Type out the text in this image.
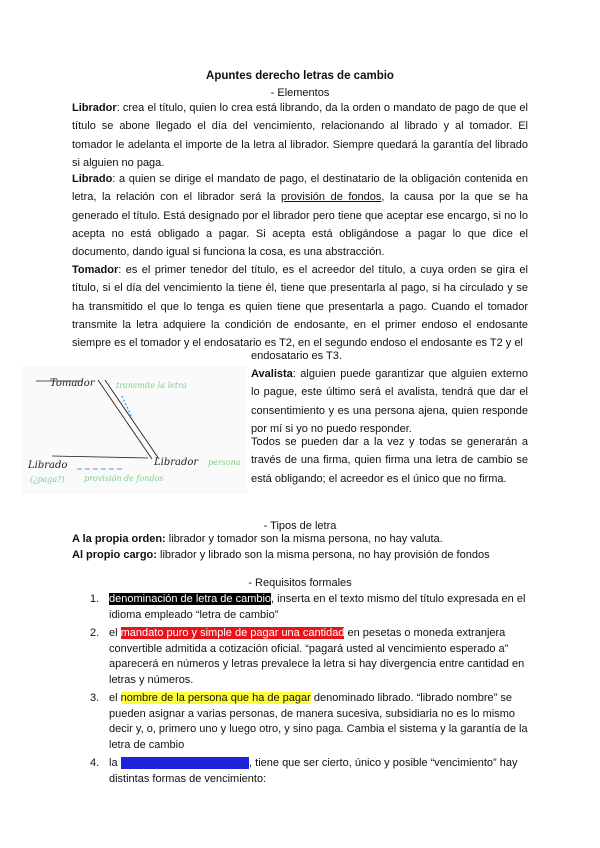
Apuntes derecho letras de cambio
- Elementos
Librador: crea el título, quien lo crea está librando, da la orden o mandato de pago de que el título se abone llegado el día del vencimiento, relacionando al librado y al tomador. El tomador le adelanta el importe de la letra al librador. Siempre quedará la garantía del librado si alguien no paga.
Librado: a quien se dirige el mandato de pago, el destinatario de la obligación contenida en letra, la relación con el librador será la provisión de fondos, la causa por la que se ha generado el título. Está designado por el librador pero tiene que aceptar ese encargo, si no lo acepta no está obligado a pagar. Si acepta está obligándose a pagar lo que dice el documento, dando igual si funciona la cosa, es una abstracción.
Tomador: es el primer tenedor del título, es el acreedor del título, a cuya orden se gira el título, si el día del vencimiento la tiene él, tiene que presentarla al pago, si ha circulado y se ha transmitido el que lo tenga es quien tiene que presentarla a pago. Cuando el tomador transmite la letra adquiere la condición de endosante, en el primer endoso el endosante siempre es el tomador y el endosatario es T2, en el segundo endoso el endosante es T2 y el
endosatario es T3.
Avalista: alguien puede garantizar que alguien externo lo pague, este último será el avalista, tendrá que dar el consentimiento y es una persona ajena, quien responde por mí si yo no puedo responder.
Todos se pueden dar a la vez y todas se generarán a través de una firma, quien firma una letra de cambio se está obligando; el acreedor es el único que no firma.
Tomador	transmite la letra
Librado
(¿paga?)
Librador persona
provisión de fondos
- Tipos de letra
A la propia orden: librador y tomador son la misma persona, no hay valuta.
Al propio cargo: librador y librado son la misma persona, no hay provisión de fondos
- Requisitos formales
1. denominación de letra de cambio, inserta en el texto mismo del título expresada en el idioma empleado “letra de cambio”
2. el mandato puro y simple de pagar una cantidad en pesetas o moneda extranjera convertible admitida a cotización oficial. “pagará usted al vencimiento esperado a” aparecerá en números y letras prevalece la letra si hay divergencia entre cantidad en letras y números.
3. el nombre de la persona que ha de pagar denominado librado. “librado nombre” se pueden asignar a varias personas, de manera sucesiva, subsidiaria no es lo mismo decir y, o, primero uno y luego otro, y sino paga. Cambia el sistema y la garantía de la letra de cambio
4. la indicación del vencimiento, tiene que ser cierto, único y posible “vencimiento” hay distintas formas de vencimiento:
